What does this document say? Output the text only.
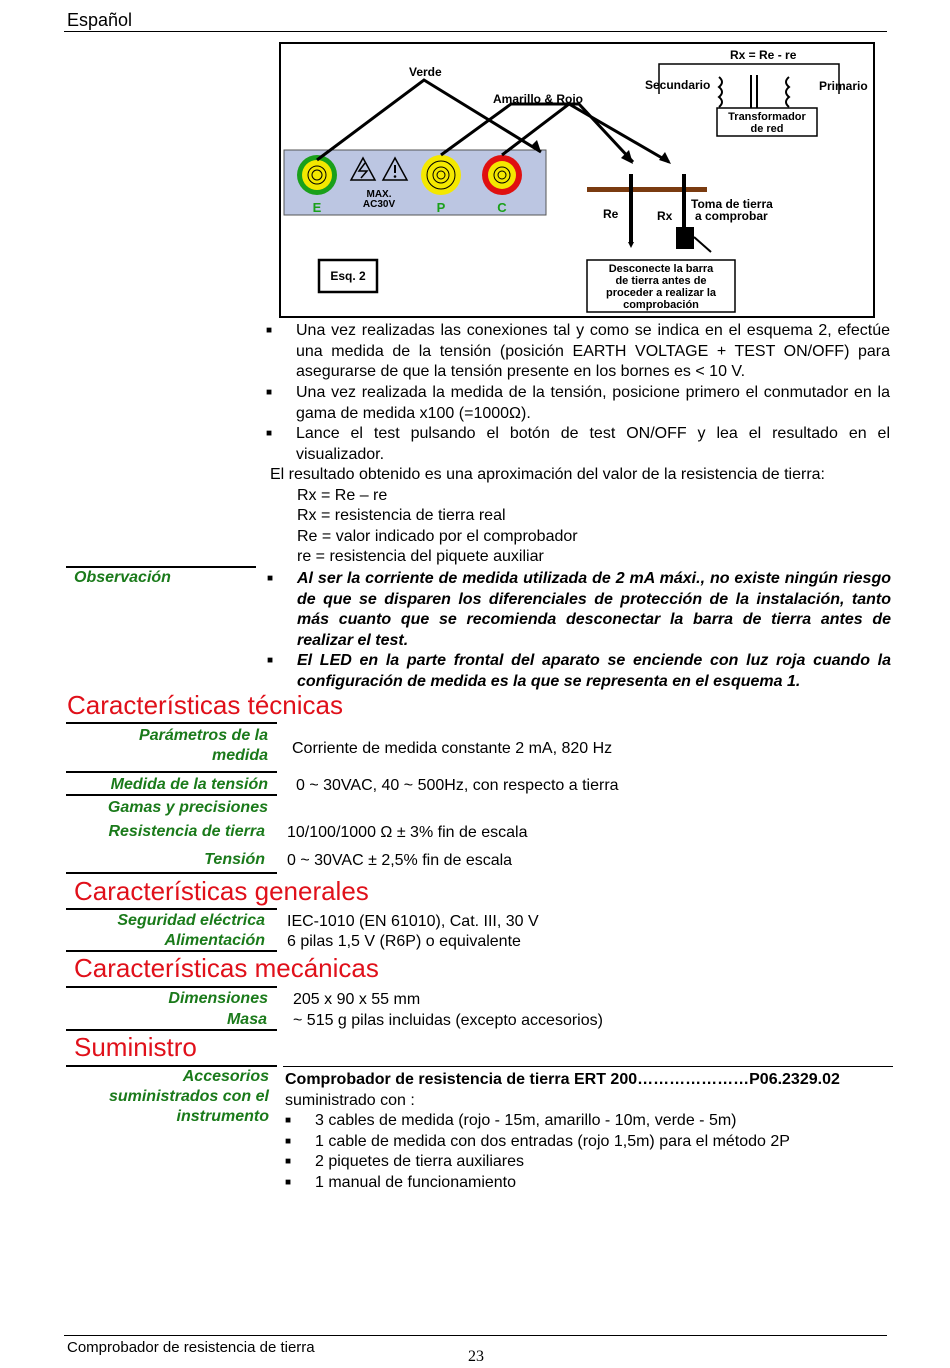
Español
MAX.
AC30V
E	P	C
Verde
Amarillo & Rojo
Rx = Re - re
Secundario	Primario
Transformador
de red
Re	Rx
Toma de tierra
a comprobar
Esq. 2	Desconecte la barra
de tierra antes de
proceder a realizar la
comprobación
■ Una vez realizadas las conexiones tal y como se indica en el esquema 2, efectúe una medida de la tensión (posición EARTH VOLTAGE + TEST ON/OFF) para asegurarse de que la tensión presente en los bornes es < 10 V.
■ Una vez realizada la medida de la tensión, posicione primero el conmutador en la gama de medida x100 (=1000Ω).
■ Lance el test pulsando el botón de test ON/OFF y lea el resultado en el visualizador.
El resultado obtenido es una aproximación del valor de la resistencia de tierra:
Rx = Re – re
Rx = resistencia de tierra real
Re = valor indicado por el comprobador
re = resistencia del piquete auxiliar
Observación	■ Al ser la corriente de medida utilizada de 2 mA máxi., no existe ningún riesgo de que se disparen los diferenciales de protección de la instalación, tanto más cuanto que se recomienda desconectar la barra de tierra antes de realizar el test.
■ El LED en la parte frontal del aparato se enciende con luz roja cuando la configuración de medida es la que se representa en el esquema 1.
Características técnicas
Parámetros de la
medida Corriente de medida constante 2 mA, 820 Hz
Medida de la tensión 0 ~ 30VAC, 40 ~ 500Hz, con respecto a tierra
Gamas y precisiones
Resistencia de tierra 10/100/1000 Ω ± 3% fin de escala
Tensión 0 ~ 30VAC ± 2,5% fin de escala
Características generales
Seguridad eléctrica IEC-1010 (EN 61010), Cat. III, 30 V
Alimentación 6 pilas 1,5 V (R6P) o equivalente
Características mecánicas
Dimensiones 205 x 90 x 55 mm
Masa ~ 515 g pilas incluidas (excepto accesorios)
Suministro
Accesorios
suministrados con el
instrumento
Comprobador de resistencia de tierra ERT 200…………………P06.2329.02
suministrado con :
■ 3 cables de medida (rojo - 15m, amarillo - 10m, verde - 5m)
■ 1 cable de medida con dos entradas (rojo 1,5m) para el método 2P
■ 2 piquetes de tierra auxiliares
■ 1 manual de funcionamiento
Comprobador de resistencia de tierra
23
